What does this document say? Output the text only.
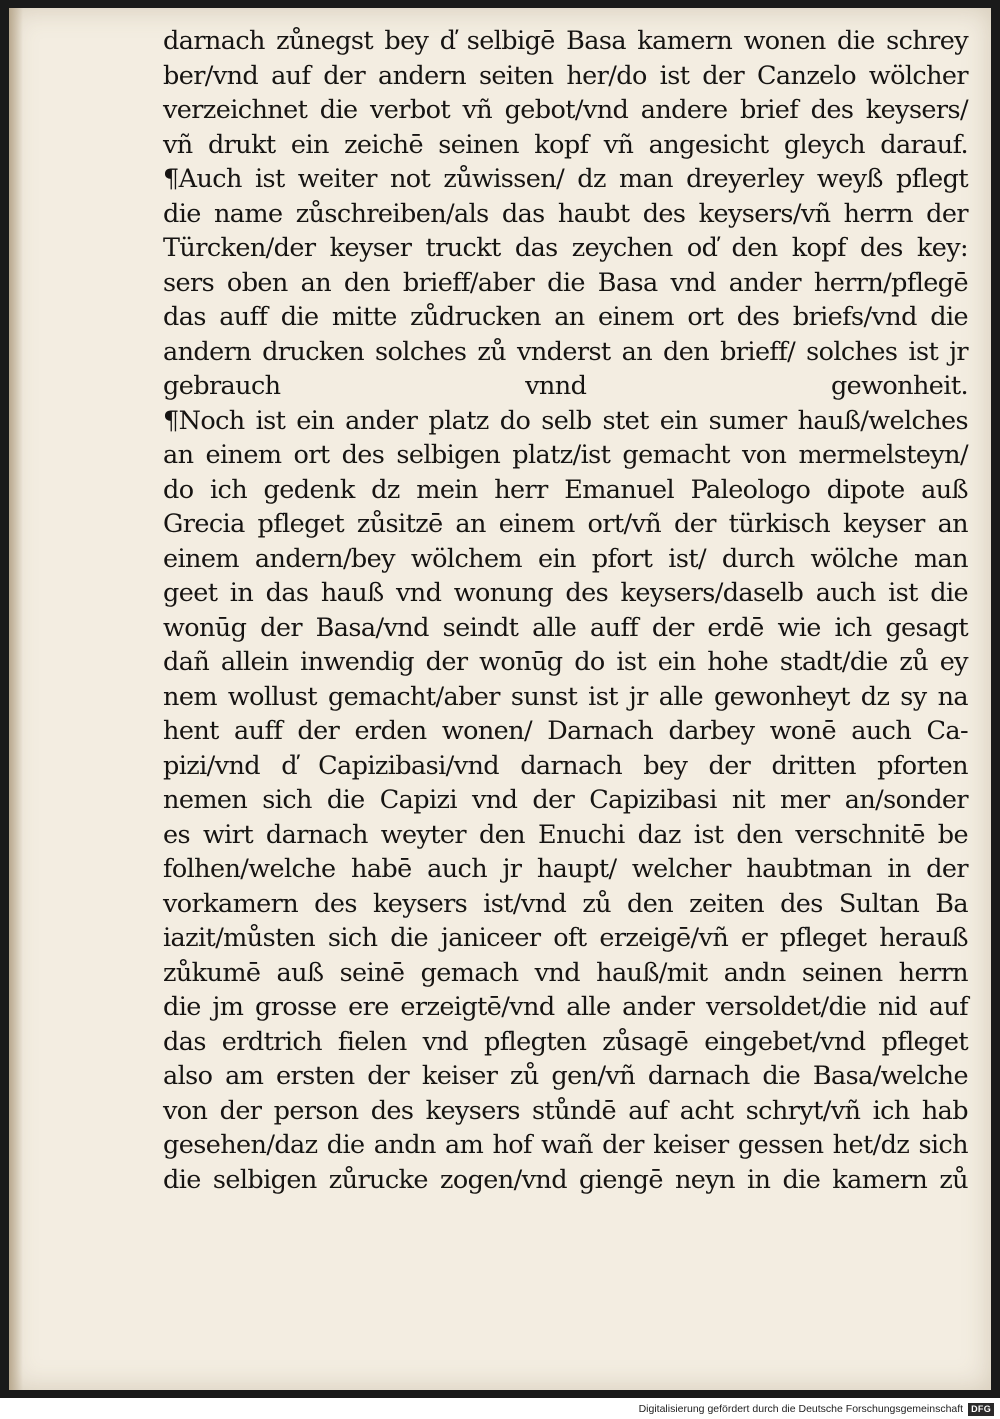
darnach zůnegst bey ď selbigē Basa kamern wonen die schrey
ber/vnd auf der andern seiten her/do ist der Canzelo wölcher
verzeichnet die verbot vñ gebot/vnd andere brief des keysers/
vñ drukt ein zeichē seinen kopf vñ angesicht gleych darauf.
¶Auch ist weiter not zůwissen/ dz man dreyerley weyß pflegt
die name zůschreiben/als das haubt des keysers/vñ herrn der
Türcken/der keyser truckt das zeychen oď den kopf des key:
sers oben an den brieff/aber die Basa vnd ander herrn/pflegē
das auff die mitte zůdrucken an einem ort des briefs/vnd die
andern drucken solches zů vnderst an den brieff/ solches ist jr
gebrauch vnnd gewonheit.
¶Noch ist ein ander platz do selb stet ein sumer hauß/welches
an einem ort des selbigen platz/ist gemacht von mermelsteyn/
do ich gedenk dz mein herr Emanuel Paleologo dipote auß
Grecia pfleget zůsitzē an einem ort/vñ der türkisch keyser an
einem andern/bey wölchem ein pfort ist/ durch wölche man
geet in das hauß vnd wonung des keysers/daselb auch ist die
wonūg der Basa/vnd seindt alle auff der erdē wie ich gesagt
dañ allein inwendig der wonūg do ist ein hohe stadt/die zů ey
nem wollust gemacht/aber sunst ist jr alle gewonheyt dz sy na
hent auff der erden wonen/ Darnach darbey wonē auch Ca-
pizi/vnd ď Capizibasi/vnd darnach bey der dritten pforten
nemen sich die Capizi vnd der Capizibasi nit mer an/sonder
es wirt darnach weyter den Enuchi daz ist den verschnitē be
folhen/welche habē auch jr haupt/ welcher haubtman in der
vorkamern des keysers ist/vnd zů den zeiten des Sultan Ba
iazit/můsten sich die janiceer oft erzeigē/vñ er pfleget herauß
zůkumē auß seinē gemach vnd hauß/mit andn seinen herrn
die jm grosse ere erzeigtē/vnd alle ander versoldet/die nid auf
das erdtrich fielen vnd pflegten zůsagē eingebet/vnd pfleget
also am ersten der keiser zů gen/vñ darnach die Basa/welche
von der person des keysers stůndē auf acht schryt/vñ ich hab
gesehen/daz die andn am hof wañ der keiser gessen het/dz sich
die selbigen zůrucke zogen/vnd giengē neyn in die kamern zů
Digitalisierung gefördert durch die Deutsche Forschungsgemeinschaft DFG
